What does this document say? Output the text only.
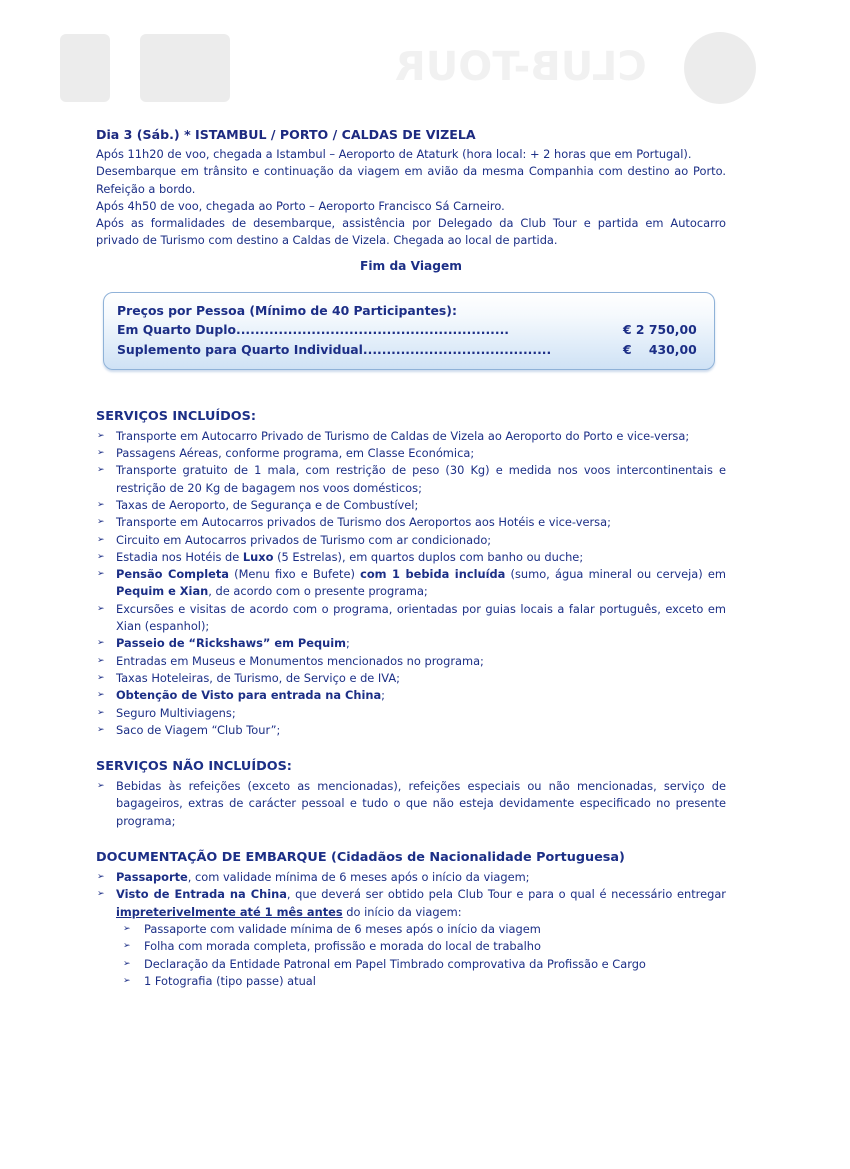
CLUB-TOUR
Dia 3 (Sáb.) * ISTAMBUL / PORTO / CALDAS DE VIZELA

Após 11h20 de voo, chegada a Istambul – Aeroporto de Ataturk (hora local: + 2 horas que em Portugal).

Desembarque em trânsito e continuação da viagem em avião da mesma Companhia com destino ao Porto. Refeição a bordo.

Após 4h50 de voo, chegada ao Porto – Aeroporto Francisco Sá Carneiro.

Após as formalidades de desembarque, assistência por Delegado da Club Tour e partida em Autocarro privado de Turismo com destino a Caldas de Vizela. Chegada ao local de partida.

Fim da Viagem
Preços por Pessoa (Mínimo de 40 Participantes):
Em Quarto Duplo..........................................................	€ 2 750,00
Suplemento para Quarto Individual........................................	€    430,00
SERVIÇOS INCLUÍDOS:
➢ Transporte em Autocarro Privado de Turismo de Caldas de Vizela ao Aeroporto do Porto e vice-versa;
➢ Passagens Aéreas, conforme programa, em Classe Económica;
➢ Transporte gratuito de 1 mala, com restrição de peso (30 Kg) e medida nos voos intercontinentais e restrição de 20 Kg de bagagem nos voos domésticos;
➢ Taxas de Aeroporto, de Segurança e de Combustível;
➢ Transporte em Autocarros privados de Turismo dos Aeroportos aos Hotéis e vice-versa;
➢ Circuito em Autocarros privados de Turismo com ar condicionado;
➢ Estadia nos Hotéis de Luxo (5 Estrelas), em quartos duplos com banho ou duche;
➢ Pensão Completa (Menu fixo e Bufete) com 1 bebida incluída (sumo, água mineral ou cerveja) em Pequim e Xian, de acordo com o presente programa;
➢ Excursões e visitas de acordo com o programa, orientadas por guias locais a falar português, exceto em Xian (espanhol);
➢ Passeio de “Rickshaws” em Pequim;
➢ Entradas em Museus e Monumentos mencionados no programa;
➢ Taxas Hoteleiras, de Turismo, de Serviço e de IVA;
➢ Obtenção de Visto para entrada na China;
➢ Seguro Multiviagens;
➢ Saco de Viagem “Club Tour”;
SERVIÇOS NÃO INCLUÍDOS:
➢ Bebidas às refeições (exceto as mencionadas), refeições especiais ou não mencionadas, serviço de bagageiros, extras de carácter pessoal e tudo o que não esteja devidamente especificado no presente programa;
DOCUMENTAÇÃO DE EMBARQUE (Cidadãos de Nacionalidade Portuguesa)
➢ Passaporte, com validade mínima de 6 meses após o início da viagem;
➢ Visto de Entrada na China, que deverá ser obtido pela Club Tour e para o qual é necessário entregar impreterivelmente até 1 mês antes do início da viagem:
➢ Passaporte com validade mínima de 6 meses após o início da viagem
➢ Folha com morada completa, profissão e morada do local de trabalho
➢ Declaração da Entidade Patronal em Papel Timbrado comprovativa da Profissão e Cargo
➢ 1 Fotografia (tipo passe) atual
